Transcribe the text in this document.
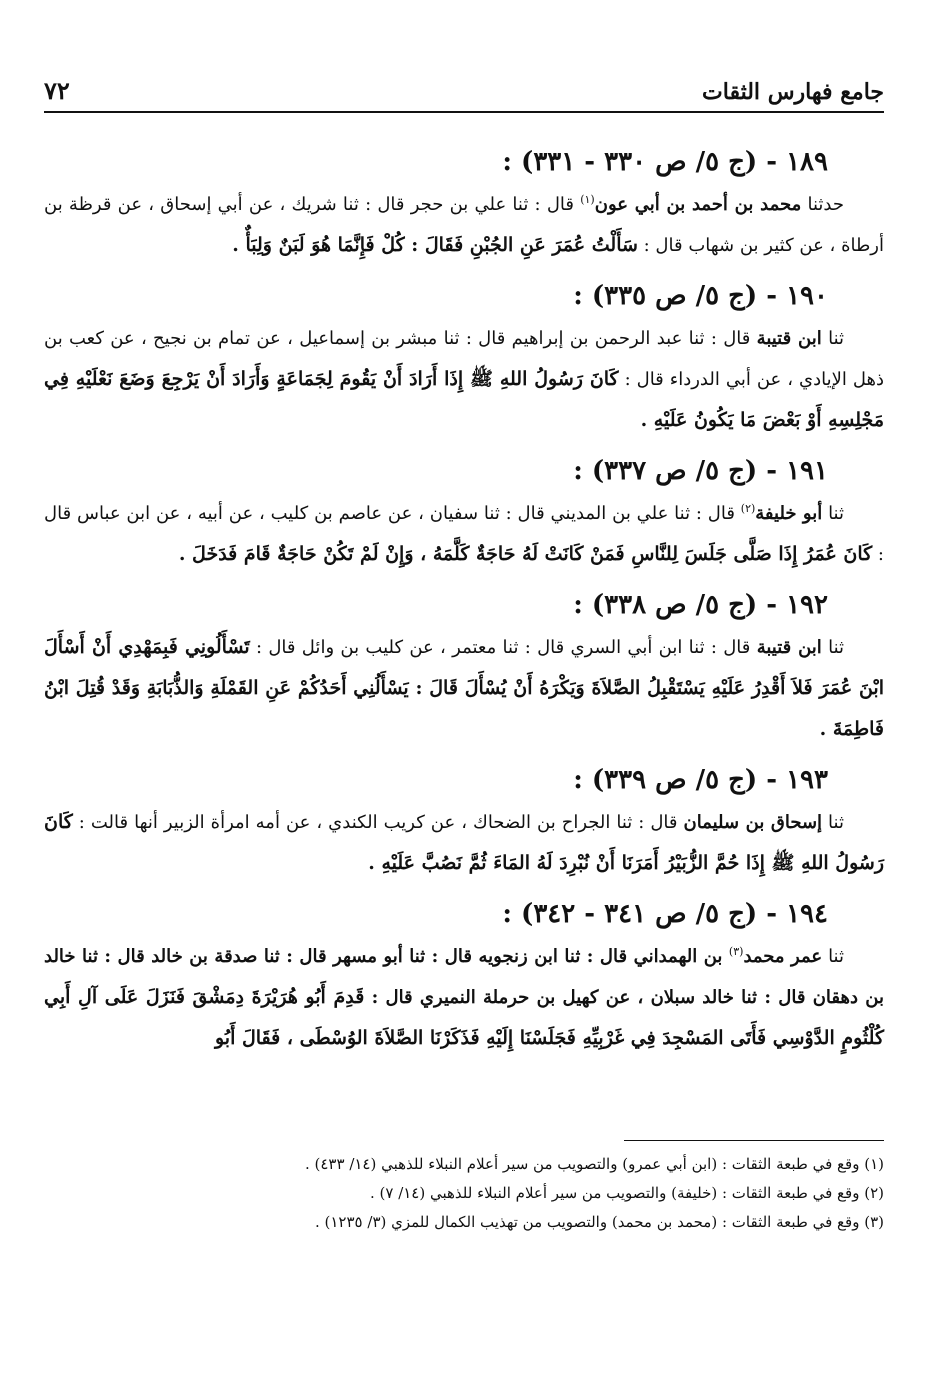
جامع فهارس الثقات
٧٢
١٨٩ - (ج ٥/ ص ٣٣٠ - ٣٣١) :

حدثنا محمد بن أحمد بن أبي عون$^{(١)}$ قال : ثنا علي بن حجر قال : ثنا شريك ، عن أبي إسحاق ، عن قرظة بن أرطاة ، عن كثير بن شهاب قال : سَأَلْتُ عُمَرَ عَنِ الجُبْنِ فَقَالَ : كُلْ فَإِنَّمَا هُوَ لَبَنٌ وَلِبَأٌ .

١٩٠ - (ج ٥/ ص ٣٣٥) :

ثنا ابن قتيبة قال : ثنا عبد الرحمن بن إبراهيم قال : ثنا مبشر بن إسماعيل ، عن تمام بن نجيح ، عن كعب بن ذهل الإيادي ، عن أبي الدرداء قال : كَانَ رَسُولُ اللهِ ﷺ إِذَا أَرَادَ أَنْ يَقُومَ لِجَمَاعَةٍ وَأَرَادَ أَنْ يَرْجِعَ وَضَعَ نَعْلَيْهِ فِي مَجْلِسِهِ أَوْ بَعْضَ مَا يَكُونُ عَلَيْهِ .

١٩١ - (ج ٥/ ص ٣٣٧) :

ثنا أبو خليفة$^{(٢)}$ قال : ثنا علي بن المديني قال : ثنا سفيان ، عن عاصم بن كليب ، عن أبيه ، عن ابن عباس قال : كَانَ عُمَرُ إِذَا صَلَّى جَلَسَ لِلنَّاسِ فَمَنْ كَانَتْ لَهُ حَاجَةٌ كَلَّمَهُ ، وَإِنْ لَمْ تَكُنْ حَاجَةٌ قَامَ فَدَخَلَ .

١٩٢ - (ج ٥/ ص ٣٣٨) :

ثنا ابن قتيبة قال : ثنا ابن أبي السري قال : ثنا معتمر ، عن كليب بن وائل قال : تَسْأَلُونِي فَبِمَهْدِي أَنْ أَسْأَلَ ابْنَ عُمَرَ فَلاَ أَقْدِرُ عَلَيْهِ يَسْتَقْبِلُ الصَّلاَةَ وَيَكْرَهُ أَنْ يُسْأَلَ قَالَ : يَسْأَلُنِي أَحَدُكُمْ عَنِ القَمْلَةِ وَالذُّبَابَةِ وَقَدْ قُتِلَ ابْنُ فَاطِمَةَ .

١٩٣ - (ج ٥/ ص ٣٣٩) :

ثنا إسحاق بن سليمان قال : ثنا الجراح بن الضحاك ، عن كريب الكندي ، عن أمه امرأة الزبير أنها قالت : كَانَ رَسُولُ اللهِ ﷺ إِذَا حُمَّ الزُّبَيْرُ أَمَرَنَا أَنْ نُبْرِدَ لَهُ المَاءَ ثُمَّ نَصُبَّ عَلَيْهِ .

١٩٤ - (ج ٥/ ص ٣٤١ - ٣٤٢) :

ثنا عمر محمد$^{(٣)}$ بن الهمداني قال : ثنا ابن زنجويه قال : ثنا أبو مسهر قال : ثنا صدقة بن خالد قال : ثنا خالد بن دهقان قال : ثنا خالد سبلان ، عن كهيل بن حرملة النميري قال : قَدِمَ أَبُو هُرَيْرَةَ دِمَشْقَ فَنَزَلَ عَلَى آلِ أَبِي كُلْثُومٍ الدَّوْسِي فَأَتَى المَسْجِدَ فِي غَرْبِيِّهِ فَجَلَسْنَا إِلَيْهِ فَذَكَرْنَا الصَّلاَةَ الوُسْطَى ، فَقَالَ أَبُو

(١) وقع في طبعة الثقات : (ابن أبي عمرو) والتصويب من سير أعلام النبلاء للذهبي (١٤/ ٤٣٣) .
(٢) وقع في طبعة الثقات : (خليفة) والتصويب من سير أعلام النبلاء للذهبي (١٤/ ٧) .
(٣) وقع في طبعة الثقات : (محمد بن محمد) والتصويب من تهذيب الكمال للمزي (٣/ ١٢٣٥) .
